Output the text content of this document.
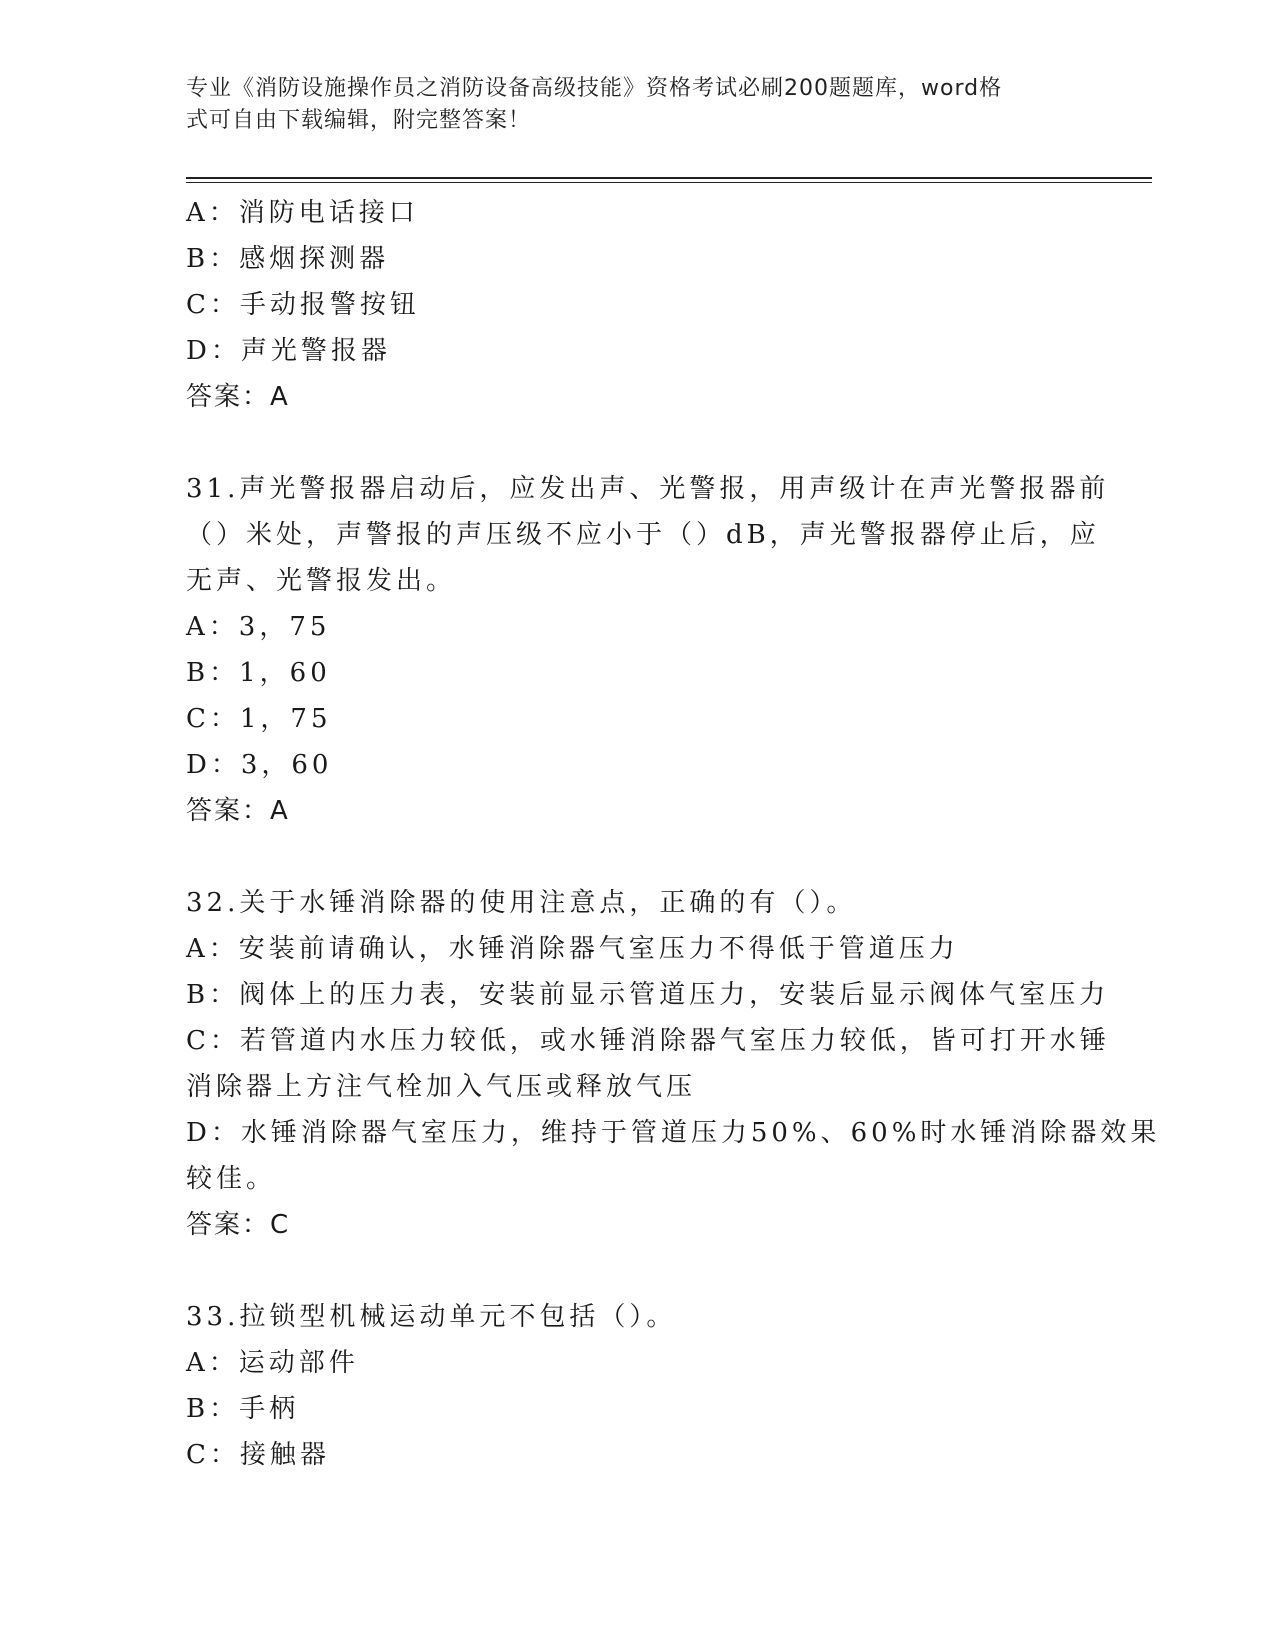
专业《消防设施操作员之消防设备高级技能》资格考试必刷200题题库，word格
式可自由下载编辑，附完整答案！
A：消防电话接口
B：感烟探测器
C：手动报警按钮
D：声光警报器
答案：A
31.声光警报器启动后，应发出声、光警报，用声级计在声光警报器前
（）米处，声警报的声压级不应小于（）dB，声光警报器停止后，应
无声、光警报发出。
A：3，75
B：1，60
C：1，75
D：3，60
答案：A
32.关于水锤消除器的使用注意点，正确的有（）。
A：安装前请确认，水锤消除器气室压力不得低于管道压力
B：阀体上的压力表，安装前显示管道压力，安装后显示阀体气室压力
C：若管道内水压力较低，或水锤消除器气室压力较低，皆可打开水锤
消除器上方注气栓加入气压或释放气压
D：水锤消除器气室压力，维持于管道压力50%、60%时水锤消除器效果
较佳。
答案：C
33.拉锁型机械运动单元不包括（）。
A：运动部件
B：手柄
C：接触器
